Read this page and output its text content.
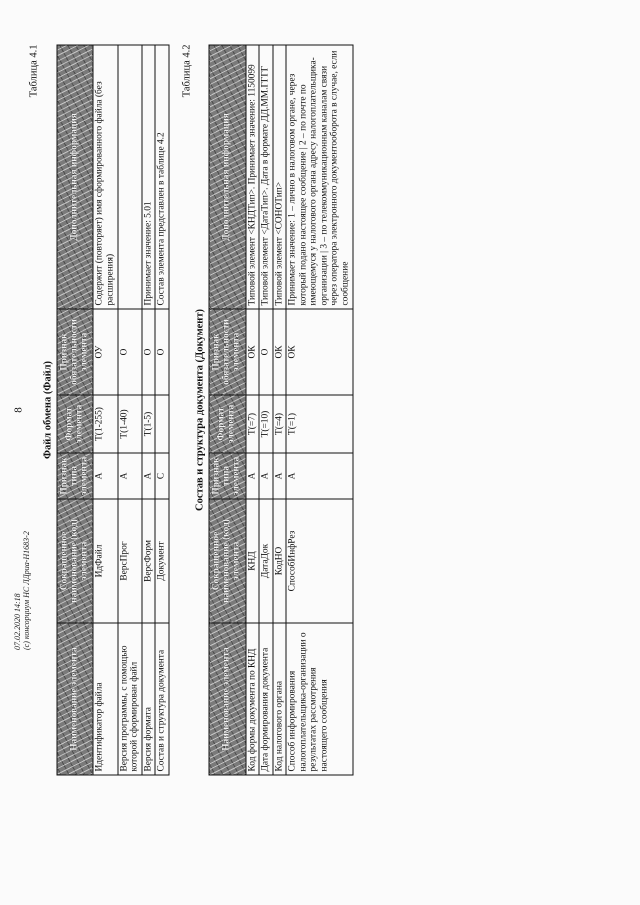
8
Таблица 4.1
Файл обмена (Файл)
Наименование элемента	Сокращенное наименование (код) элемента	Признак типа элемента	Формат элемента	Признак обязательности элемента	Дополнительная информация
Идентификатор файла	ИдФайл	А	T(1-255)	ОУ	Содержит (повторяет) имя сформированного файла (без расширения)
Версия программы, с помощью которой сформирован файл	ВерсПрог	А	T(1-40)	О	
Версия формата	ВерсФорм	А	T(1-5)	О	Принимает значение: 5.01
Состав и структура документа	Документ	С		О	Состав элемента представлен в таблице 4.2
Таблица 4.2
Состав и структура документа (Документ)
Наименование элемента	Сокращенное наименование (код) элемента	Признак типа элемента	Формат элемента	Признак обязательности элемента	Дополнительная информация
Код формы документа по КНД	КНД	А	T(=7)	ОК	Типовой элемент <КНДТип>. Принимает значение: 1150099
Дата формирования документа	ДатаДок	А	T(=10)	О	Типовой элемент <ДатаТип>. Дата в формате ДД.ММ.ГГГГ
Код налогового органа	КодНО	А	T(=4)	ОК	Типовой элемент <СОНОТип>
Способ информирования налогоплательщика-организации о результатах рассмотрения настоящего сообщения	СпособИнфРез	А	T(=1)	ОК	Принимает значение: 1 – лично в налоговом органе, через который подано настоящее сообщение | 2 – по почте по имеющемуся у налогового органа адресу налогоплательщика-организации | 3 – по телекоммуникационным каналам связи через оператора электронного документооборота в случае, если сообщение
07.02.2020 14:18 (c) консорциум НС ЛДриа-Н1683-2
